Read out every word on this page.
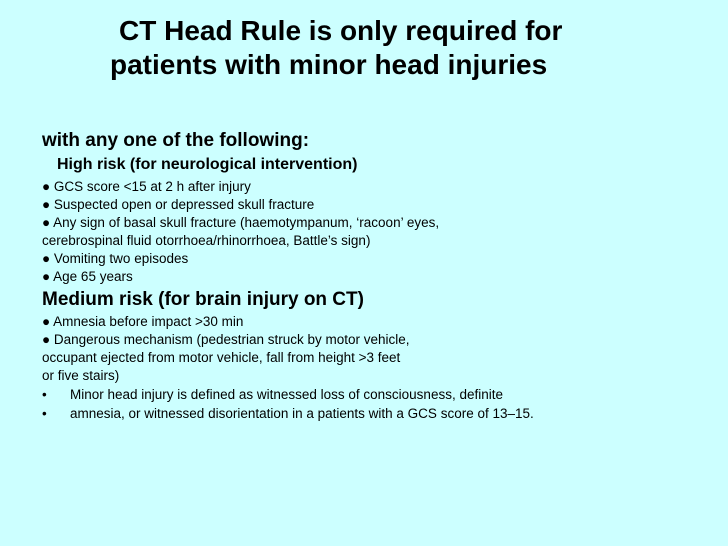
CT Head Rule is only required for
patients with minor head injuries

with any one of the following:

High risk (for neurological intervention)

● GCS score <15 at 2 h after injury

● Suspected open or depressed skull fracture

● Any sign of basal skull fracture (haemotympanum, ‘racoon’ eyes,

cerebrospinal fluid otorrhoea/rhinorrhoea, Battle’s sign)

● Vomiting two episodes

● Age 65 years

Medium risk (for brain injury on CT)

● Amnesia before impact >30 min

● Dangerous mechanism (pedestrian struck by motor vehicle,

occupant ejected from motor vehicle, fall from height >3 feet

or five stairs)

•	Minor head injury is defined as witnessed loss of consciousness, definite
•	amnesia, or witnessed disorientation in a patients with a GCS score of 13–15.
